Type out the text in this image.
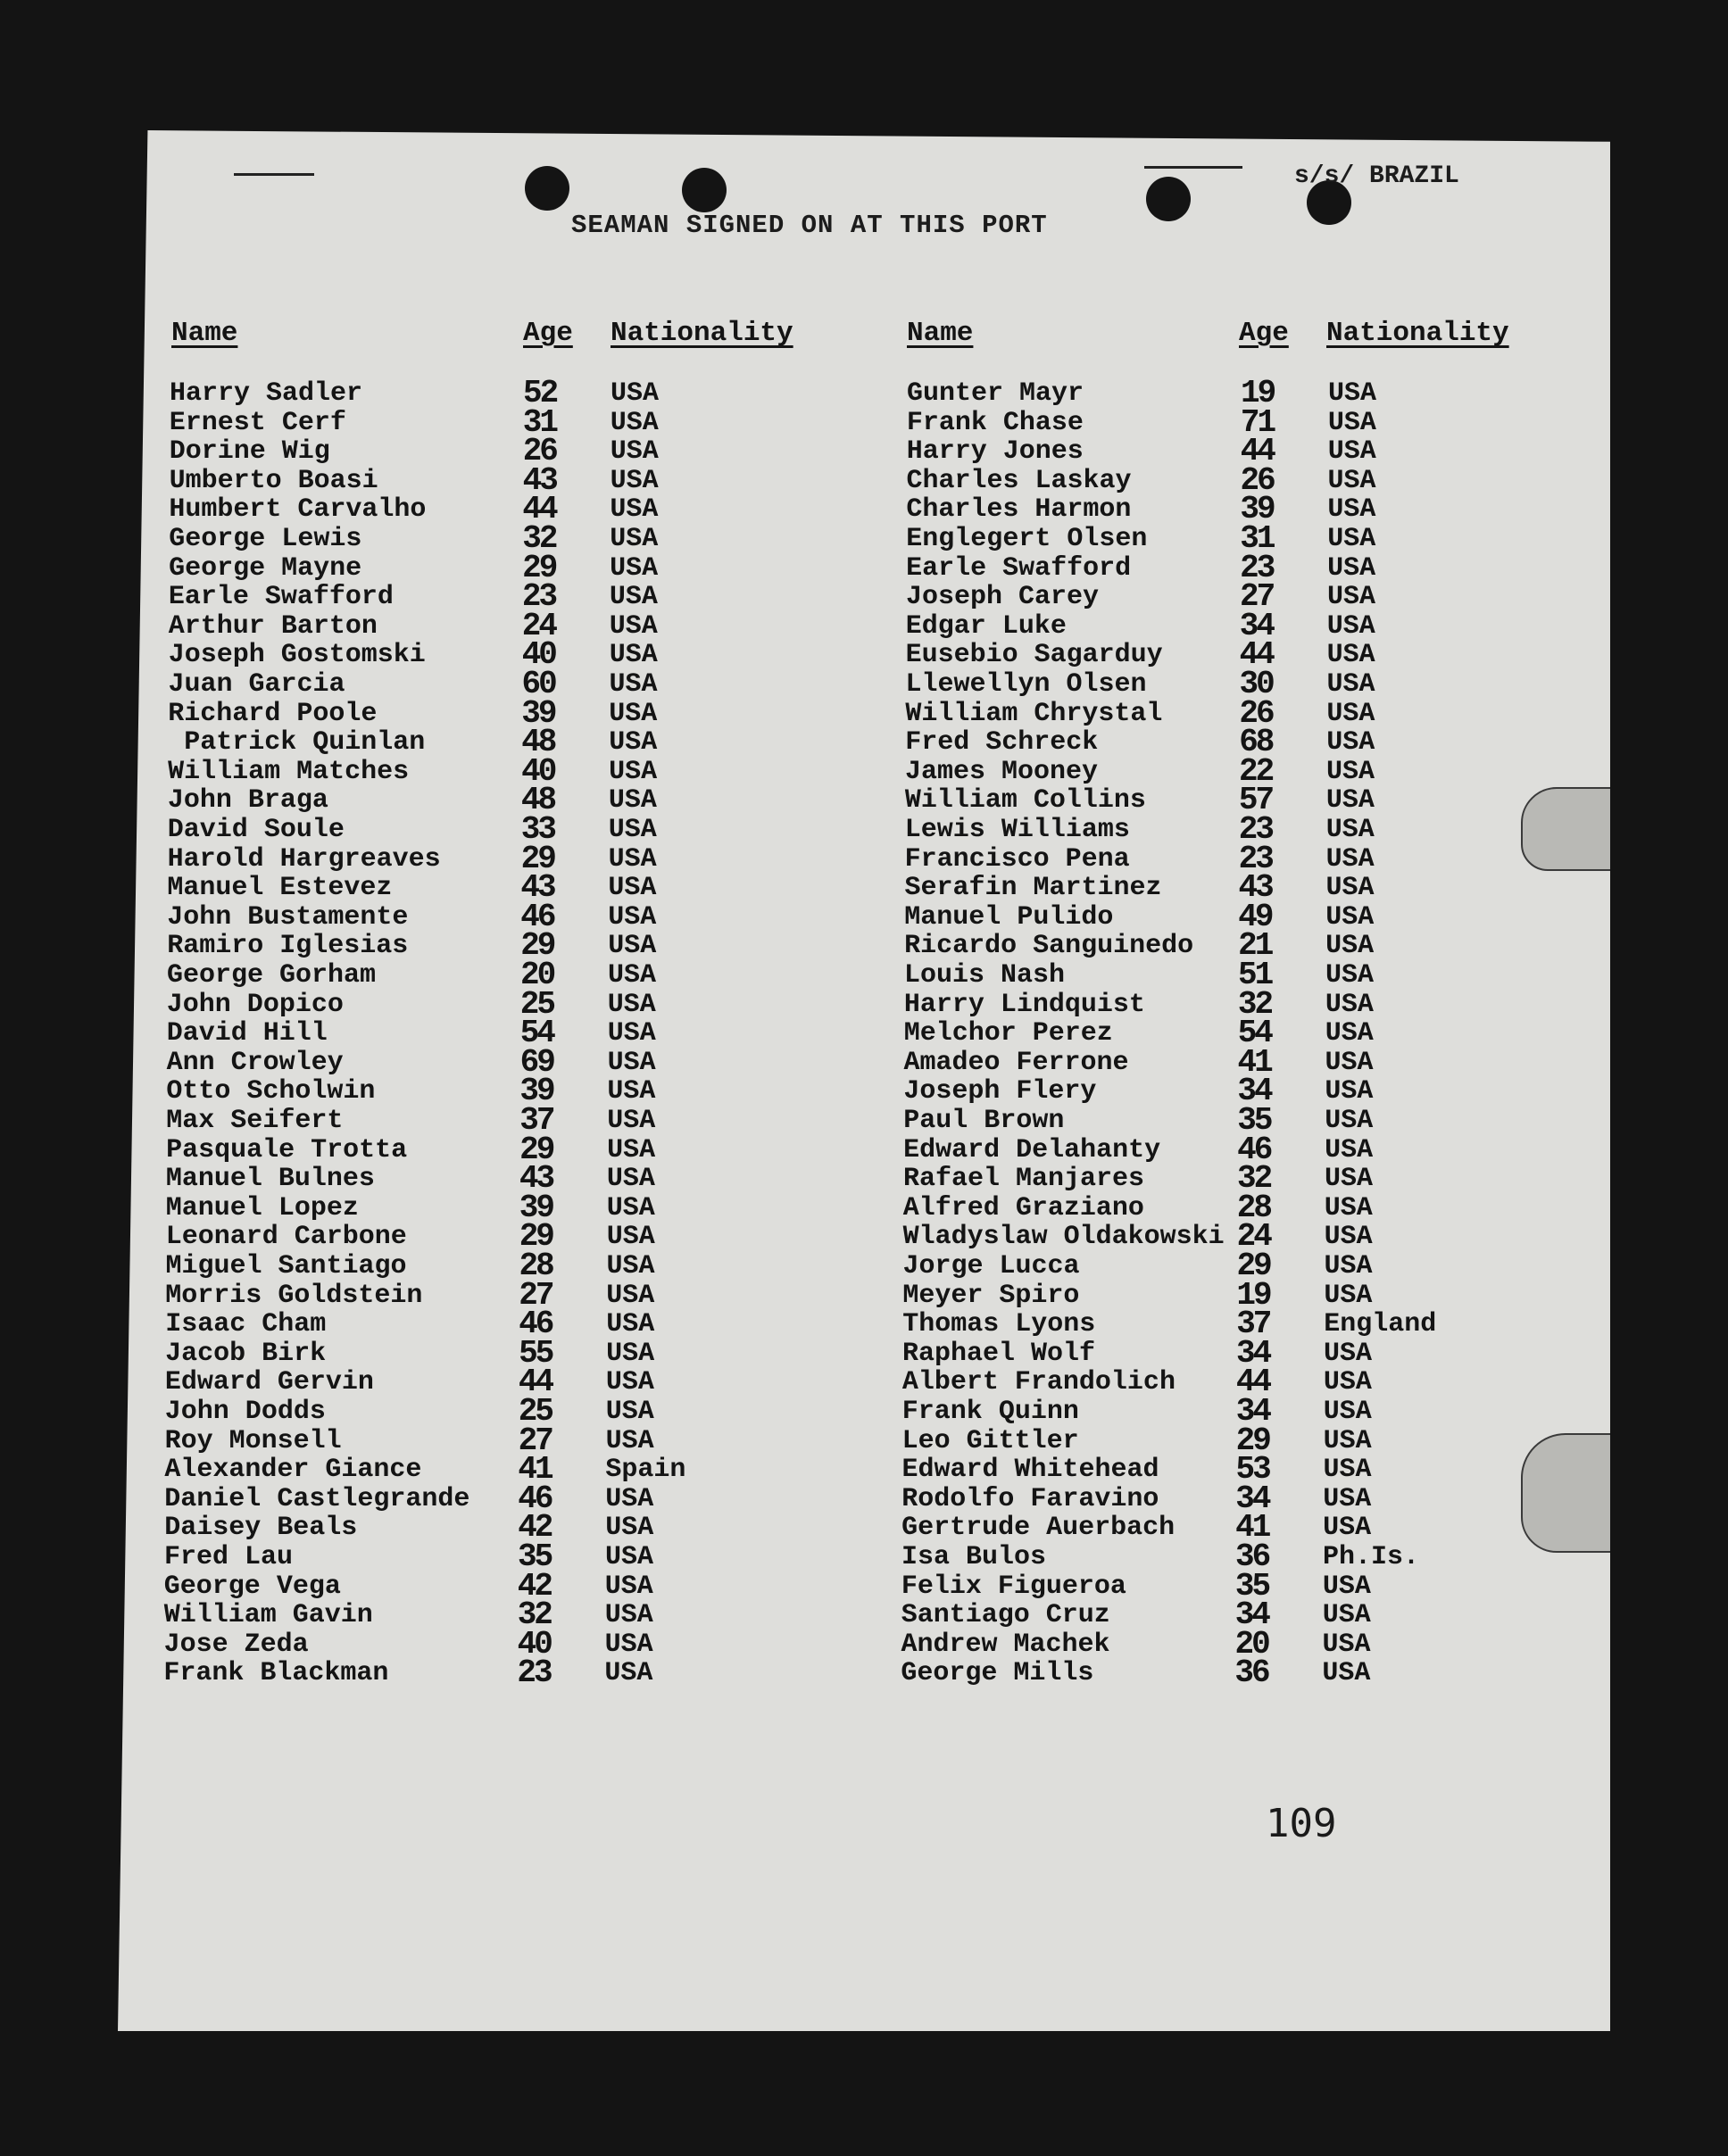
s/s/ BRAZIL
SEAMAN SIGNED ON AT THIS PORT
Name	Age Nationality	Name	Age Nationality
Harry Sadler	52 USA
Ernest Cerf	31 USA
Dorine Wig	26 USA
Umberto Boasi	43 USA
Humbert Carvalho	44 USA
George Lewis	32 USA
George Mayne	29 USA
Earle Swafford	23 USA
Arthur Barton	24 USA
Joseph Gostomski	40 USA
Juan Garcia	60 USA
Richard Poole	39 USA
Patrick Quinlan	48 USA
William Matches	40 USA
John Braga	48 USA
David Soule	33 USA
Harold Hargreaves 29 USA
Manuel Estevez	43 USA
John Bustamente	46 USA
Ramiro Iglesias	29 USA
George Gorham	20 USA
John Dopico	25 USA
David Hill	54 USA
Ann Crowley	69 USA
Otto Scholwin	39 USA
Max Seifert	37 USA
Pasquale Trotta	29 USA
Manuel Bulnes	43 USA
Manuel Lopez	39 USA
Leonard Carbone	29 USA
Miguel Santiago	28 USA
Morris Goldstein	27 USA
Isaac Cham	46 USA
Jacob Birk	55 USA
Edward Gervin	44 USA
John Dodds	25 USA
Roy Monsell	27 USA
Alexander Giance	41 Spain
Daniel Castlegrande 46 USA
Daisey Beals	42 USA
Fred Lau	35 USA
George Vega	42 USA
William Gavin	32 USA
Jose Zeda	40 USA
Frank Blackman	23 USA
Gunter Mayr	19 USA
Frank Chase	71 USA
Harry Jones	44 USA
Charles Laskay	26 USA
Charles Harmon	39 USA
Englegert Olsen	31 USA
Earle Swafford	23 USA
Joseph Carey	27 USA
Edgar Luke	34 USA
Eusebio Sagarduy 44 USA
Llewellyn Olsen	30 USA
William Chrystal 26 USA
Fred Schreck	68 USA
James Mooney	22 USA
William Collins	57 USA
Lewis Williams	23 USA
Francisco Pena	23 USA
Serafin Martinez 43 USA
Manuel Pulido	49 USA
Ricardo Sanguinedo 21 USA
Louis Nash	51 USA
Harry Lindquist	32 USA
Melchor Perez	54 USA
Amadeo Ferrone	41 USA
Joseph Flery	34 USA
Paul Brown	35 USA
Edward Delahanty 46 USA
Rafael Manjares	32 USA
Alfred Graziano	28 USA
Wladyslaw Oldakowski 24 USA
Jorge Lucca	29 USA
Meyer Spiro	19 USA
Thomas Lyons	37 England
Raphael Wolf	34 USA
Albert Frandolich 44 USA
Frank Quinn	34 USA
Leo Gittler	29 USA
Edward Whitehead 53 USA
Rodolfo Faravino 34 USA
Gertrude Auerbach 41 USA
Isa Bulos	36 Ph.Is.
Felix Figueroa	35 USA
Santiago Cruz	34 USA
Andrew Machek	20 USA
George Mills	36 USA
109
